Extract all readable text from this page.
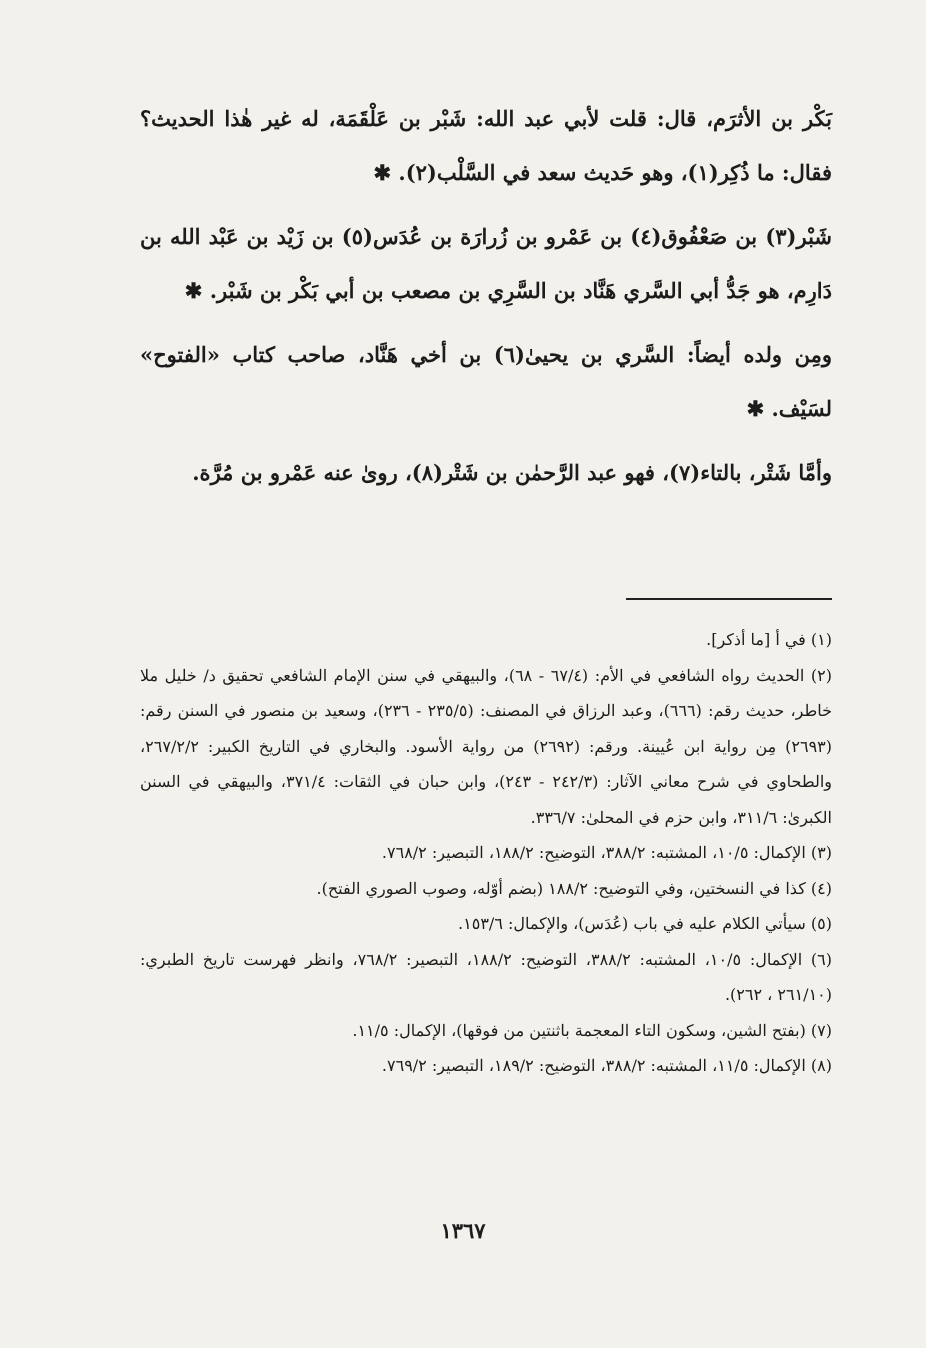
بَكْر بن الأثرَم، قال: قلت لأبي عبد الله: شَبْر بن عَلْقَمَة، له غير هٰذا الحديث؟ فقال: ما ذُكِر(١)، وهو حَديث سعد في السَّلْب(٢). ✱

شَبْر(٣) بن صَعْفُوق(٤) بن عَمْرو بن زُرارَة بن عُدَس(٥) بن زَيْد بن عَبْد الله بن دَارِم، هو جَدُّ أبي السَّري هَنَّاد بن السَّرِي بن مصعب بن أبي بَكْر بن شَبْر. ✱

ومِن ولده أيضاً: السَّري بن يحيىٰ(٦) بن أخي هَنَّاد، صاحب كتاب «الفتوح» لسَيْف. ✱

وأمَّا شَتْر، بالتاء(٧)، فهو عبد الرَّحمٰن بن شَتْر(٨)، روىٰ عنه عَمْرو بن مُرَّة.

(١) في أ [ما أذكر].

(٢) الحديث رواه الشافعي في الأم: (٦٧/٤ - ٦٨)، والبيهقي في سنن الإمام الشافعي تحقيق د/ خليل ملا خاطر، حديث رقم: (٦٦٦)، وعبد الرزاق في المصنف: (٢٣٥/٥ - ٢٣٦)، وسعيد بن منصور في السنن رقم: (٢٦٩٣) مِن رواية ابن عُيينة. ورقم: (٢٦٩٢) من رواية الأسود. والبخاري في التاريخ الكبير: ٢٦٧/٢/٢، والطحاوي في شرح معاني الآثار: (٢٤٢/٣ - ٢٤٣)، وابن حبان في الثقات: ٣٧١/٤، والبيهقي في السنن الكبرىٰ: ٣١١/٦، وابن حزم في المحلىٰ: ٣٣٦/٧.

(٣) الإكمال: ١٠/٥، المشتبه: ٣٨٨/٢، التوضيح: ١٨٨/٢، التبصير: ٧٦٨/٢.

(٤) كذا في النسختين، وفي التوضيح: ١٨٨/٢ (بضم أوّله، وصوب الصوري الفتح).

(٥) سيأتي الكلام عليه في باب (عُدَس)، والإكمال: ١٥٣/٦.

(٦) الإكمال: ١٠/٥، المشتبه: ٣٨٨/٢، التوضيح: ١٨٨/٢، التبصير: ٧٦٨/٢، وانظر فهرست تاريخ الطبري: (٢٦١/١٠ ، ٢٦٢).

(٧) (بفتح الشين، وسكون التاء المعجمة باثنتين من فوقها)، الإكمال: ١١/٥.

(٨) الإكمال: ١١/٥، المشتبه: ٣٨٨/٢، التوضيح: ١٨٩/٢، التبصير: ٧٦٩/٢.

١٣٦٧
